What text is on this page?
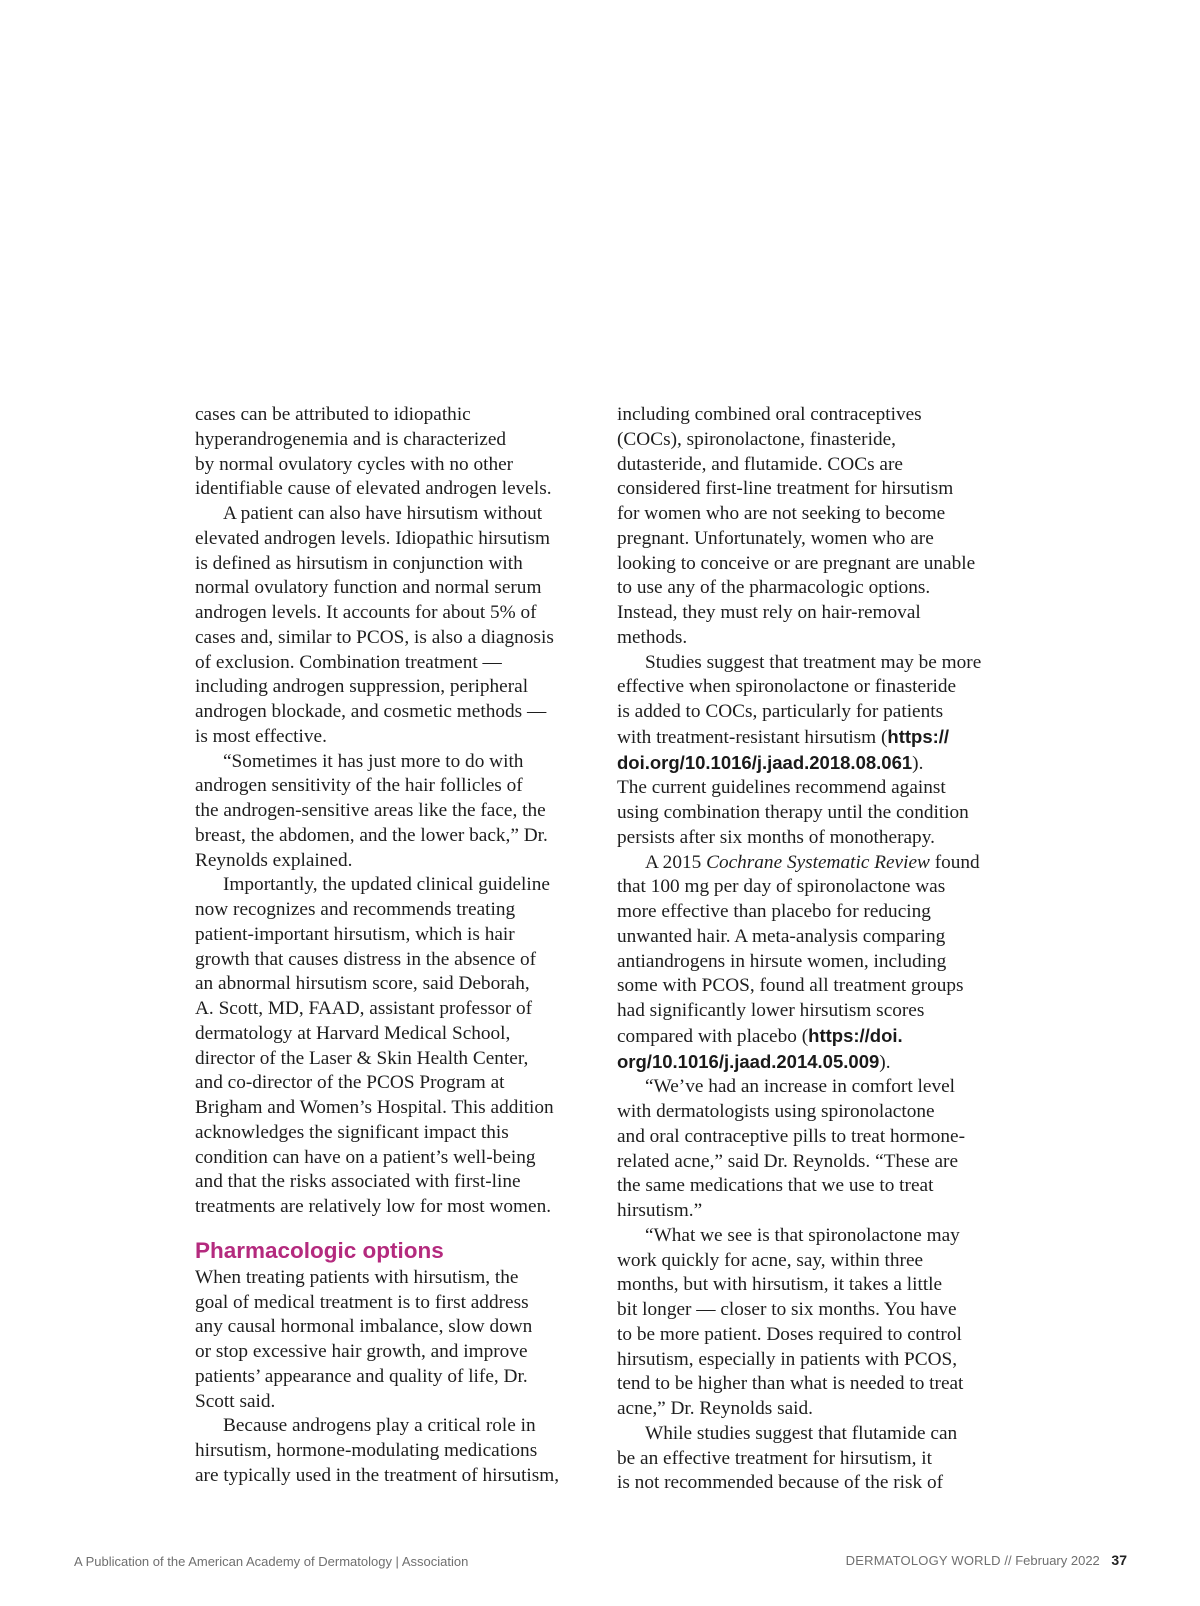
cases can be attributed to idiopathic
hyperandrogenemia and is characterized
by normal ovulatory cycles with no other
identifiable cause of elevated androgen levels.
A patient can also have hirsutism without
elevated androgen levels. Idiopathic hirsutism
is defined as hirsutism in conjunction with
normal ovulatory function and normal serum
androgen levels. It accounts for about 5% of
cases and, similar to PCOS, is also a diagnosis
of exclusion. Combination treatment —
including androgen suppression, peripheral
androgen blockade, and cosmetic methods —
is most effective.
“Sometimes it has just more to do with
androgen sensitivity of the hair follicles of
the androgen-sensitive areas like the face, the
breast, the abdomen, and the lower back,” Dr.
Reynolds explained.
Importantly, the updated clinical guideline
now recognizes and recommends treating
patient-important hirsutism, which is hair
growth that causes distress in the absence of
an abnormal hirsutism score, said Deborah,
A. Scott, MD, FAAD, assistant professor of
dermatology at Harvard Medical School,
director of the Laser & Skin Health Center,
and co-director of the PCOS Program at
Brigham and Women’s Hospital. This addition
acknowledges the significant impact this
condition can have on a patient’s well-being
and that the risks associated with first-line
treatments are relatively low for most women.
Pharmacologic options
When treating patients with hirsutism, the
goal of medical treatment is to first address
any causal hormonal imbalance, slow down
or stop excessive hair growth, and improve
patients’ appearance and quality of life, Dr.
Scott said.
Because androgens play a critical role in
hirsutism, hormone-modulating medications
are typically used in the treatment of hirsutism,
including combined oral contraceptives
(COCs), spironolactone, finasteride,
dutasteride, and flutamide. COCs are
considered first-line treatment for hirsutism
for women who are not seeking to become
pregnant. Unfortunately, women who are
looking to conceive or are pregnant are unable
to use any of the pharmacologic options.
Instead, they must rely on hair-removal
methods.
Studies suggest that treatment may be more
effective when spironolactone or finasteride
is added to COCs, particularly for patients
with treatment-resistant hirsutism (https://
doi.org/10.1016/j.jaad.2018.08.061).
The current guidelines recommend against
using combination therapy until the condition
persists after six months of monotherapy.
A 2015 Cochrane Systematic Review found
that 100 mg per day of spironolactone was
more effective than placebo for reducing
unwanted hair. A meta-analysis comparing
antiandrogens in hirsute women, including
some with PCOS, found all treatment groups
had significantly lower hirsutism scores
compared with placebo (https://doi.
org/10.1016/j.jaad.2014.05.009).
“We’ve had an increase in comfort level
with dermatologists using spironolactone
and oral contraceptive pills to treat hormone-
related acne,” said Dr. Reynolds. “These are
the same medications that we use to treat
hirsutism.”
“What we see is that spironolactone may
work quickly for acne, say, within three
months, but with hirsutism, it takes a little
bit longer — closer to six months. You have
to be more patient. Doses required to control
hirsutism, especially in patients with PCOS,
tend to be higher than what is needed to treat
acne,” Dr. Reynolds said.
While studies suggest that flutamide can
be an effective treatment for hirsutism, it
is not recommended because of the risk of
A Publication of the American Academy of Dermatology | Association	DERMATOLOGY WORLD // February 2022 37
